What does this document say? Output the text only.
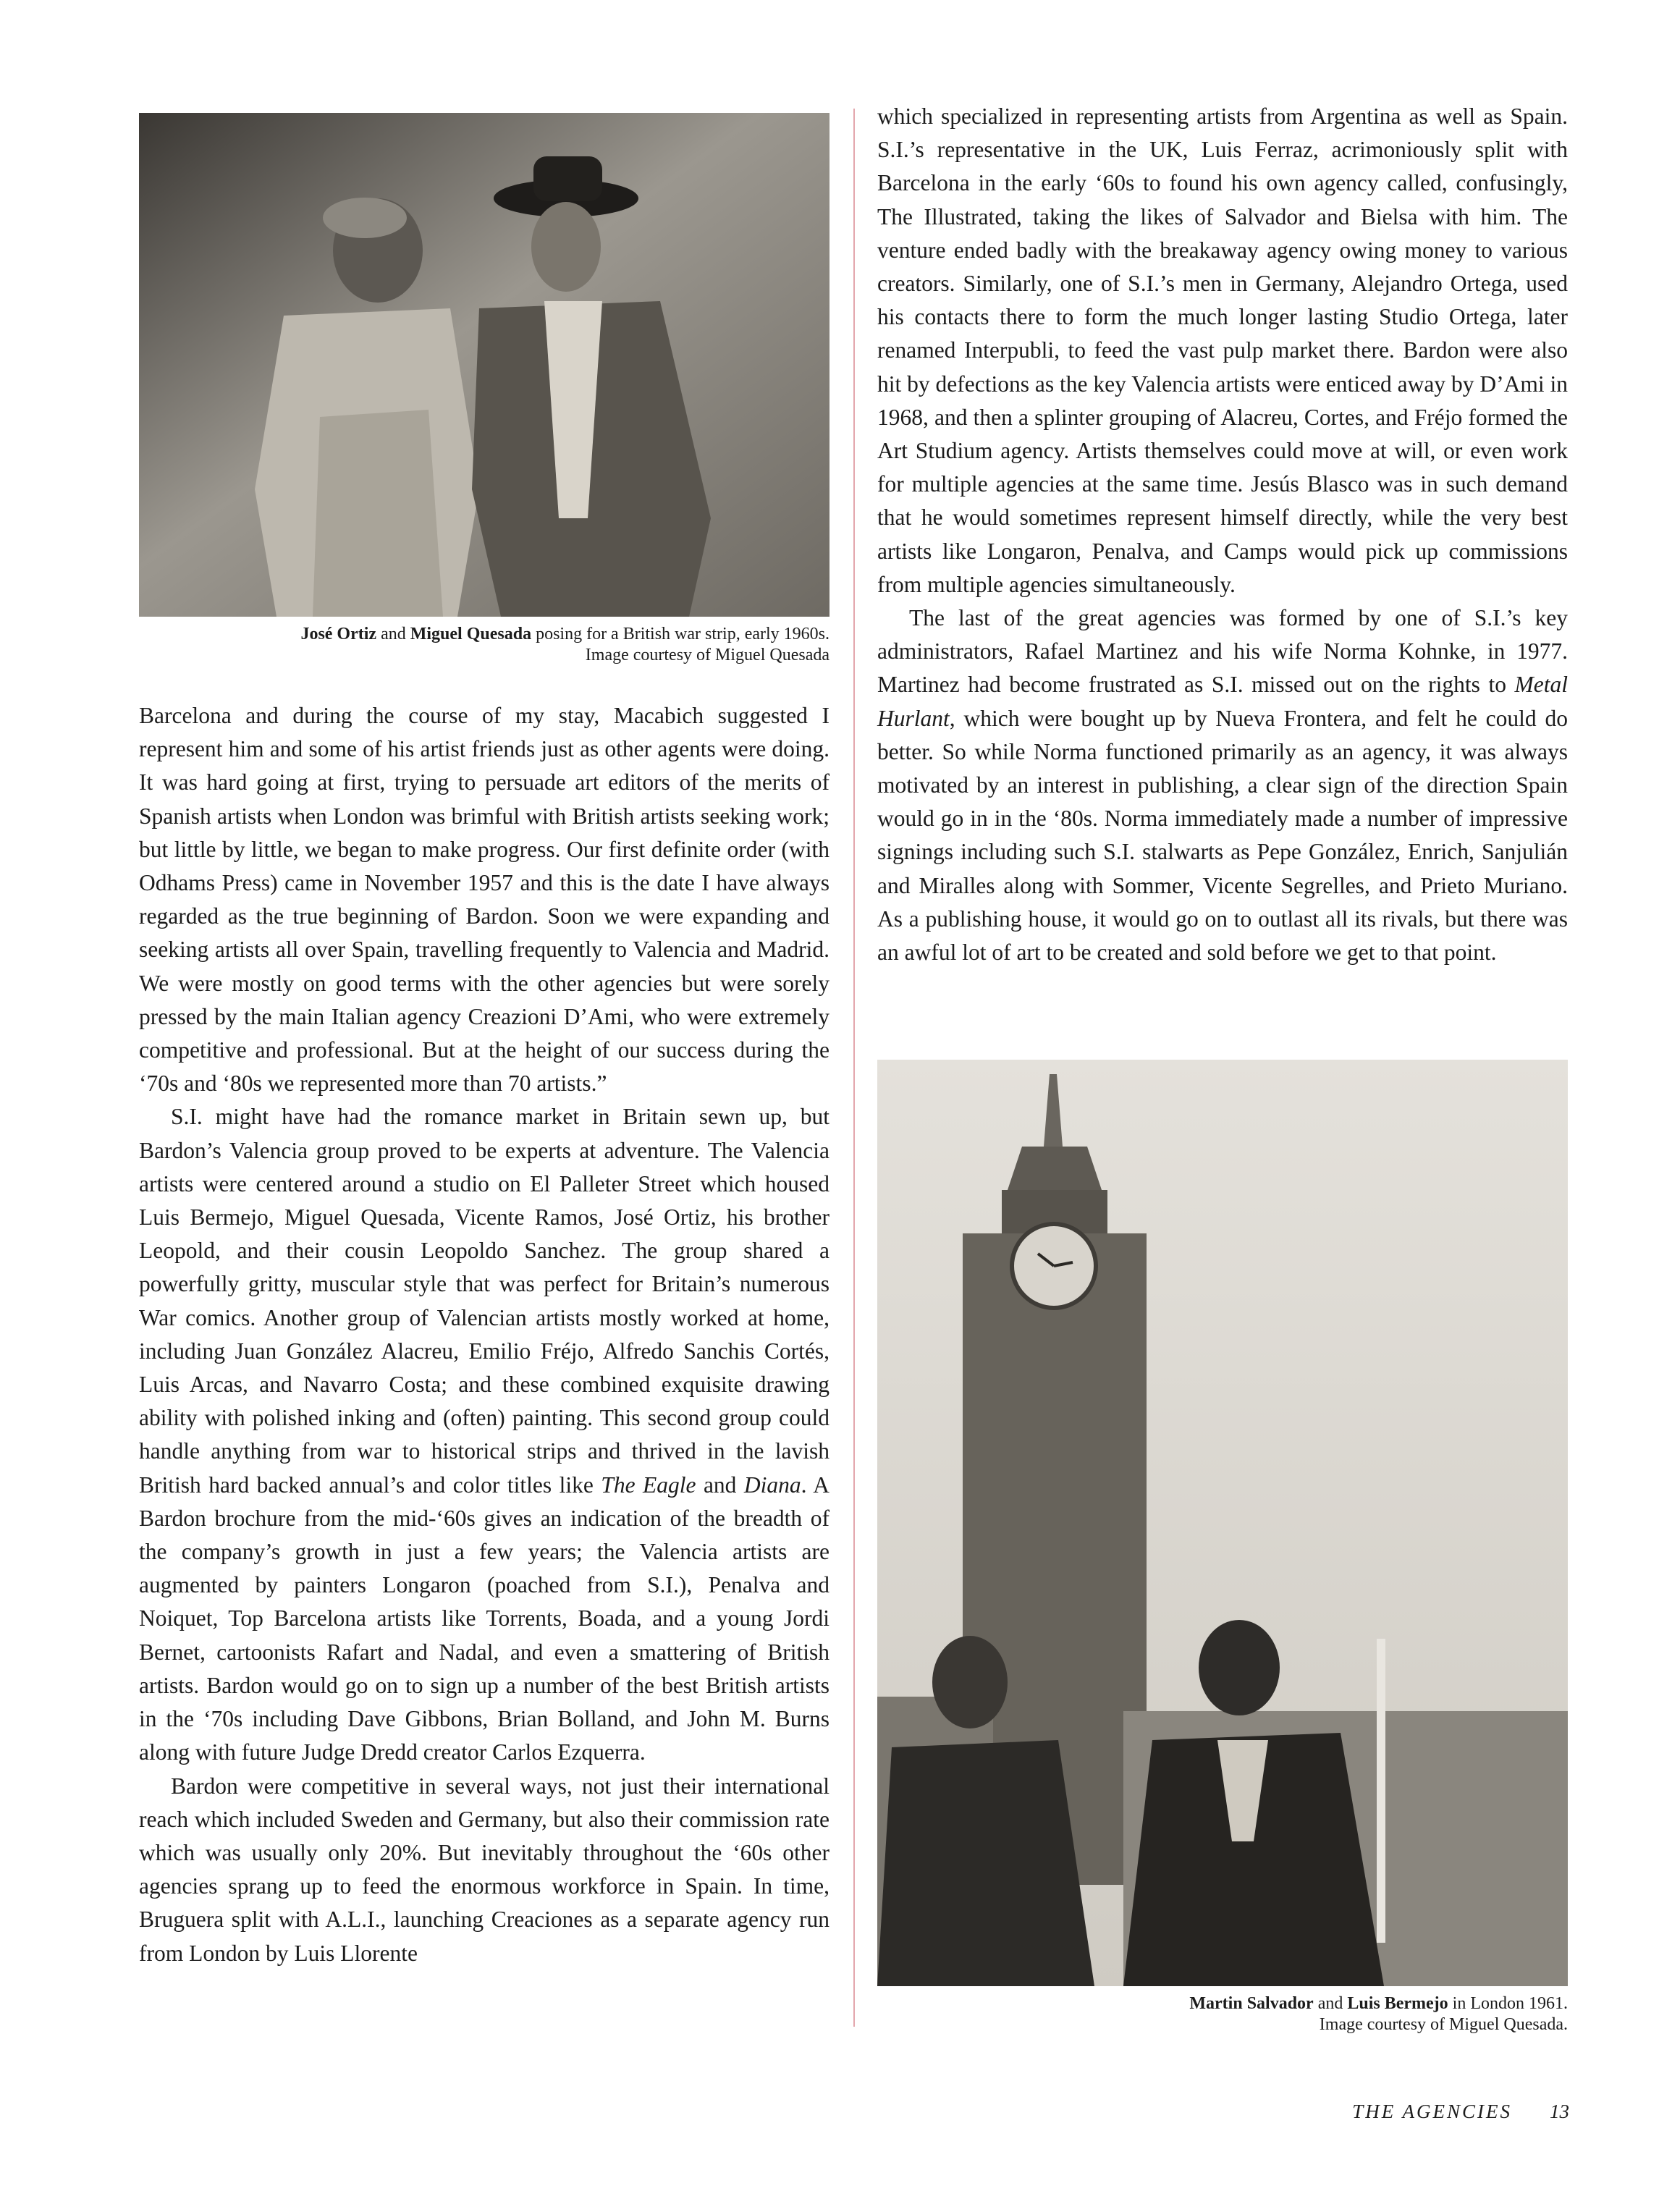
José Ortiz and Miguel Quesada posing for a British war strip, early 1960s.
Image courtesy of Miguel Quesada

Barcelona and during the course of my stay, Macabich suggested I represent him and some of his artist friends just as other agents were doing. It was hard going at first, trying to persuade art editors of the merits of Spanish artists when London was brimful with British artists seeking work; but little by little, we began to make progress. Our first definite order (with Odhams Press) came in November 1957 and this is the date I have always regarded as the true beginning of Bardon. Soon we were expanding and seeking artists all over Spain, travelling frequently to Valencia and Madrid. We were mostly on good terms with the other agencies but were sorely pressed by the main Italian agency Creazioni D’Ami, who were extremely competitive and professional. But at the height of our success during the ‘70s and ‘80s we represented more than 70 artists.”

S.I. might have had the romance market in Britain sewn up, but Bardon’s Valencia group proved to be experts at adventure. The Valencia artists were centered around a studio on El Palleter Street which housed Luis Bermejo, Miguel Quesada, Vicente Ramos, José Ortiz, his brother Leopold, and their cousin Leopoldo Sanchez. The group shared a powerfully gritty, muscular style that was perfect for Britain’s numerous War comics. Another group of Valencian artists mostly worked at home, including Juan González Alacreu, Emilio Fréjo, Alfredo Sanchis Cortés, Luis Arcas, and Navarro Costa; and these combined exquisite drawing ability with polished inking and (often) painting. This second group could handle anything from war to historical strips and thrived in the lavish British hard backed annual’s and color titles like The Eagle and Diana. A Bardon brochure from the mid-‘60s gives an indication of the breadth of the company’s growth in just a few years; the Valencia artists are augmented by painters Longaron (poached from S.I.), Penalva and Noiquet, Top Barcelona artists like Torrents, Boada, and a young Jordi Bernet, cartoonists Rafart and Nadal, and even a smattering of British artists. Bardon would go on to sign up a number of the best British artists in the ‘70s including Dave Gibbons, Brian Bolland, and John M. Burns along with future Judge Dredd creator Carlos Ezquerra.

Bardon were competitive in several ways, not just their international reach which included Sweden and Germany, but also their commission rate which was usually only 20%. But inevitably throughout the ‘60s other agencies sprang up to feed the enormous workforce in Spain. In time, Bruguera split with A.L.I., launching Creaciones as a separate agency run from London by Luis Llorente

which specialized in representing artists from Argentina as well as Spain. S.I.’s representative in the UK, Luis Ferraz, acrimoniously split with Barcelona in the early ‘60s to found his own agency called, confusingly, The Illustrated, taking the likes of Salvador and Bielsa with him. The venture ended badly with the breakaway agency owing money to various creators. Similarly, one of S.I.’s men in Germany, Alejandro Ortega, used his contacts there to form the much longer lasting Studio Ortega, later renamed Interpubli, to feed the vast pulp market there. Bardon were also hit by defections as the key Valencia artists were enticed away by D’Ami in 1968, and then a splinter grouping of Alacreu, Cortes, and Fréjo formed the Art Studium agency. Artists themselves could move at will, or even work for multiple agencies at the same time. Jesús Blasco was in such demand that he would sometimes represent himself directly, while the very best artists like Longaron, Penalva, and Camps would pick up commissions from multiple agencies simultaneously.

The last of the great agencies was formed by one of S.I.’s key administrators, Rafael Martinez and his wife Norma Kohnke, in 1977. Martinez had become frustrated as S.I. missed out on the rights to Metal Hurlant, which were bought up by Nueva Frontera, and felt he could do better. So while Norma functioned primarily as an agency, it was always motivated by an interest in publishing, a clear sign of the direction Spain would go in in the ‘80s. Norma immediately made a number of impressive signings including such S.I. stalwarts as Pepe González, Enrich, Sanjulián and Miralles along with Sommer, Vicente Segrelles, and Prieto Muriano. As a publishing house, it would go on to outlast all its rivals, but there was an awful lot of art to be created and sold before we get to that point.

Martin Salvador and Luis Bermejo in London 1961.
Image courtesy of Miguel Quesada.
THE AGENCIES 13
